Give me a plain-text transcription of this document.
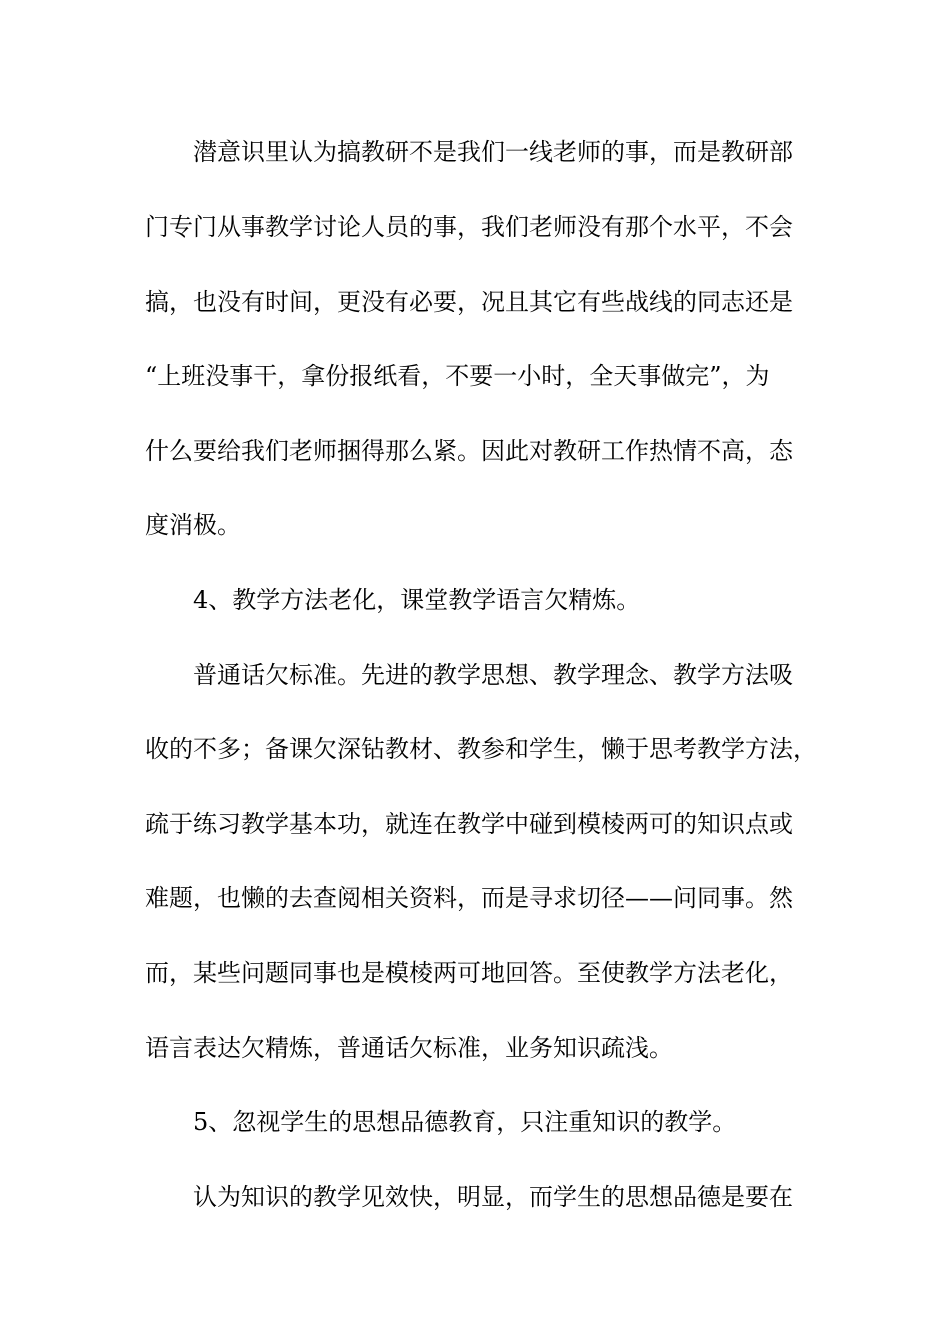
潜意识里认为搞教研不是我们一线老师的事，而是教研部
门专门从事教学讨论人员的事，我们老师没有那个水平，不会
搞，也没有时间，更没有必要，况且其它有些战线的同志还是
“上班没事干，拿份报纸看，不要一小时，全天事做完”，为
什么要给我们老师捆得那么紧。因此对教研工作热情不高，态
度消极。
4、教学方法老化，课堂教学语言欠精炼。
普通话欠标准。先进的教学思想、教学理念、教学方法吸
收的不多；备课欠深钻教材、教参和学生，懒于思考教学方法，
疏于练习教学基本功，就连在教学中碰到模棱两可的知识点或
难题，也懒的去查阅相关资料，而是寻求切径——问同事。然
而，某些问题同事也是模棱两可地回答。至使教学方法老化，
语言表达欠精炼，普通话欠标准，业务知识疏浅。
5、忽视学生的思想品德教育，只注重知识的教学。
认为知识的教学见效快，明显，而学生的思想品德是要在
